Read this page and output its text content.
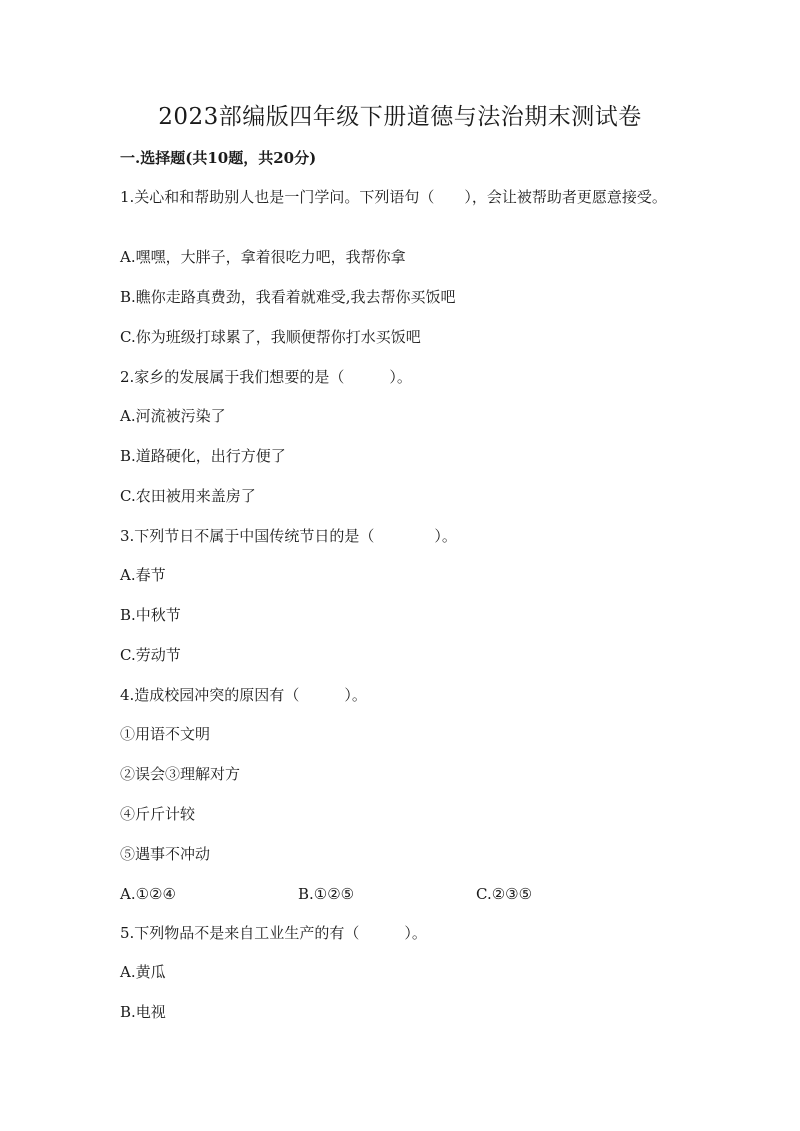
2023部编版四年级下册道德与法治期末测试卷
一.选择题(共10题，共20分)
1.关心和和帮助别人也是一门学问。下列语句（　　），会让被帮助者更愿意接受。
A.嘿嘿，大胖子，拿着很吃力吧，我帮你拿
B.瞧你走路真费劲，我看着就难受,我去帮你买饭吧
C.你为班级打球累了，我顺便帮你打水买饭吧
2.家乡的发展属于我们想要的是（　　　）。
A.河流被污染了
B.道路硬化，出行方便了
C.农田被用来盖房了
3.下列节日不属于中国传统节日的是（　　　　）。
A.春节
B.中秋节
C.劳动节
4.造成校园冲突的原因有（　　　）。
①用语不文明
②误会③理解对方
④斤斤计较
⑤遇事不冲动
A.①②④	B.①②⑤	C.②③⑤
5.下列物品不是来自工业生产的有（　　　）。
A.黄瓜
B.电视
